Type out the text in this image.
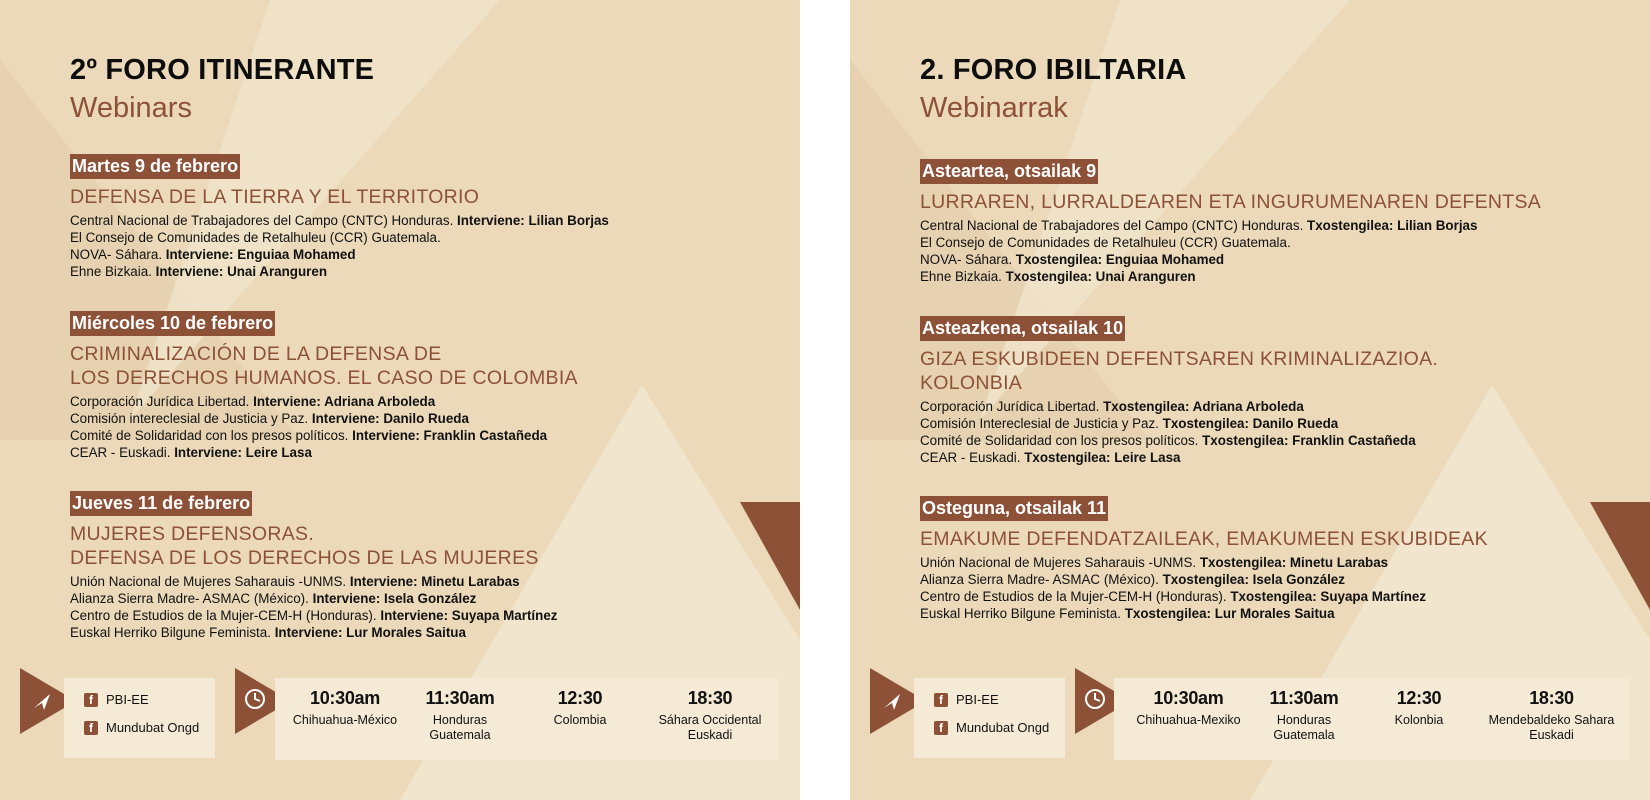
2º FORO ITINERANTE
Webinars
Martes 9 de febrero
DEFENSA DE LA TIERRA Y EL TERRITORIO
Central Nacional de Trabajadores del Campo (CNTC) Honduras. Interviene: Lilian Borjas
El Consejo de Comunidades de Retalhuleu (CCR) Guatemala.
NOVA- Sáhara. Interviene: Enguiaa Mohamed
Ehne Bizkaia. Interviene: Unai Aranguren
Miércoles 10 de febrero
CRIMINALIZACIÓN DE LA DEFENSA DE
LOS DERECHOS HUMANOS. EL CASO DE COLOMBIA
Corporación Jurídica Libertad. Interviene: Adriana Arboleda
Comisión intereclesial de Justicia y Paz. Interviene: Danilo Rueda
Comité de Solidaridad con los presos políticos. Interviene: Franklin Castañeda
CEAR - Euskadi. Interviene: Leire Lasa
Jueves 11 de febrero
MUJERES DEFENSORAS.
DEFENSA DE LOS DERECHOS DE LAS MUJERES
Unión Nacional de Mujeres Saharauis -UNMS. Interviene: Minetu Larabas
Alianza Sierra Madre- ASMAC (México). Interviene: Isela González
Centro de Estudios de la Mujer-CEM-H (Honduras). Interviene: Suyapa Martínez
Euskal Herriko Bilgune Feminista. Interviene: Lur Morales Saitua
f	PBI-EE
f	Mundubat Ongd
10:30am
Chihuahua-México
11:30am
Honduras
Guatemala
12:30
Colombia
18:30
Sáhara Occidental
Euskadi
2. FORO IBILTARIA
Webinarrak
Asteartea, otsailak 9
LURRAREN, LURRALDEAREN ETA INGURUMENAREN DEFENTSA
Central Nacional de Trabajadores del Campo (CNTC) Honduras. Txostengilea: Lilian Borjas
El Consejo de Comunidades de Retalhuleu (CCR) Guatemala.
NOVA- Sáhara. Txostengilea: Enguiaa Mohamed
Ehne Bizkaia. Txostengilea: Unai Aranguren
Asteazkena, otsailak 10
GIZA ESKUBIDEEN DEFENTSAREN KRIMINALIZAZIOA.
KOLONBIA
Corporación Jurídica Libertad. Txostengilea: Adriana Arboleda
Comisión Intereclesial de Justicia y Paz. Txostengilea: Danilo Rueda
Comité de Solidaridad con los presos políticos. Txostengilea: Franklin Castañeda
CEAR - Euskadi. Txostengilea: Leire Lasa
Osteguna, otsailak 11
EMAKUME DEFENDATZAILEAK, EMAKUMEEN ESKUBIDEAK
Unión Nacional de Mujeres Saharauis -UNMS. Txostengilea: Minetu Larabas
Alianza Sierra Madre- ASMAC (México). Txostengilea: Isela González
Centro de Estudios de la Mujer-CEM-H (Honduras). Txostengilea: Suyapa Martínez
Euskal Herriko Bilgune Feminista. Txostengilea: Lur Morales Saitua
f	PBI-EE
f	Mundubat Ongd
10:30am
Chihuahua-Mexiko
11:30am
Honduras
Guatemala
12:30
Kolonbia
18:30
Mendebaldeko Sahara
Euskadi
